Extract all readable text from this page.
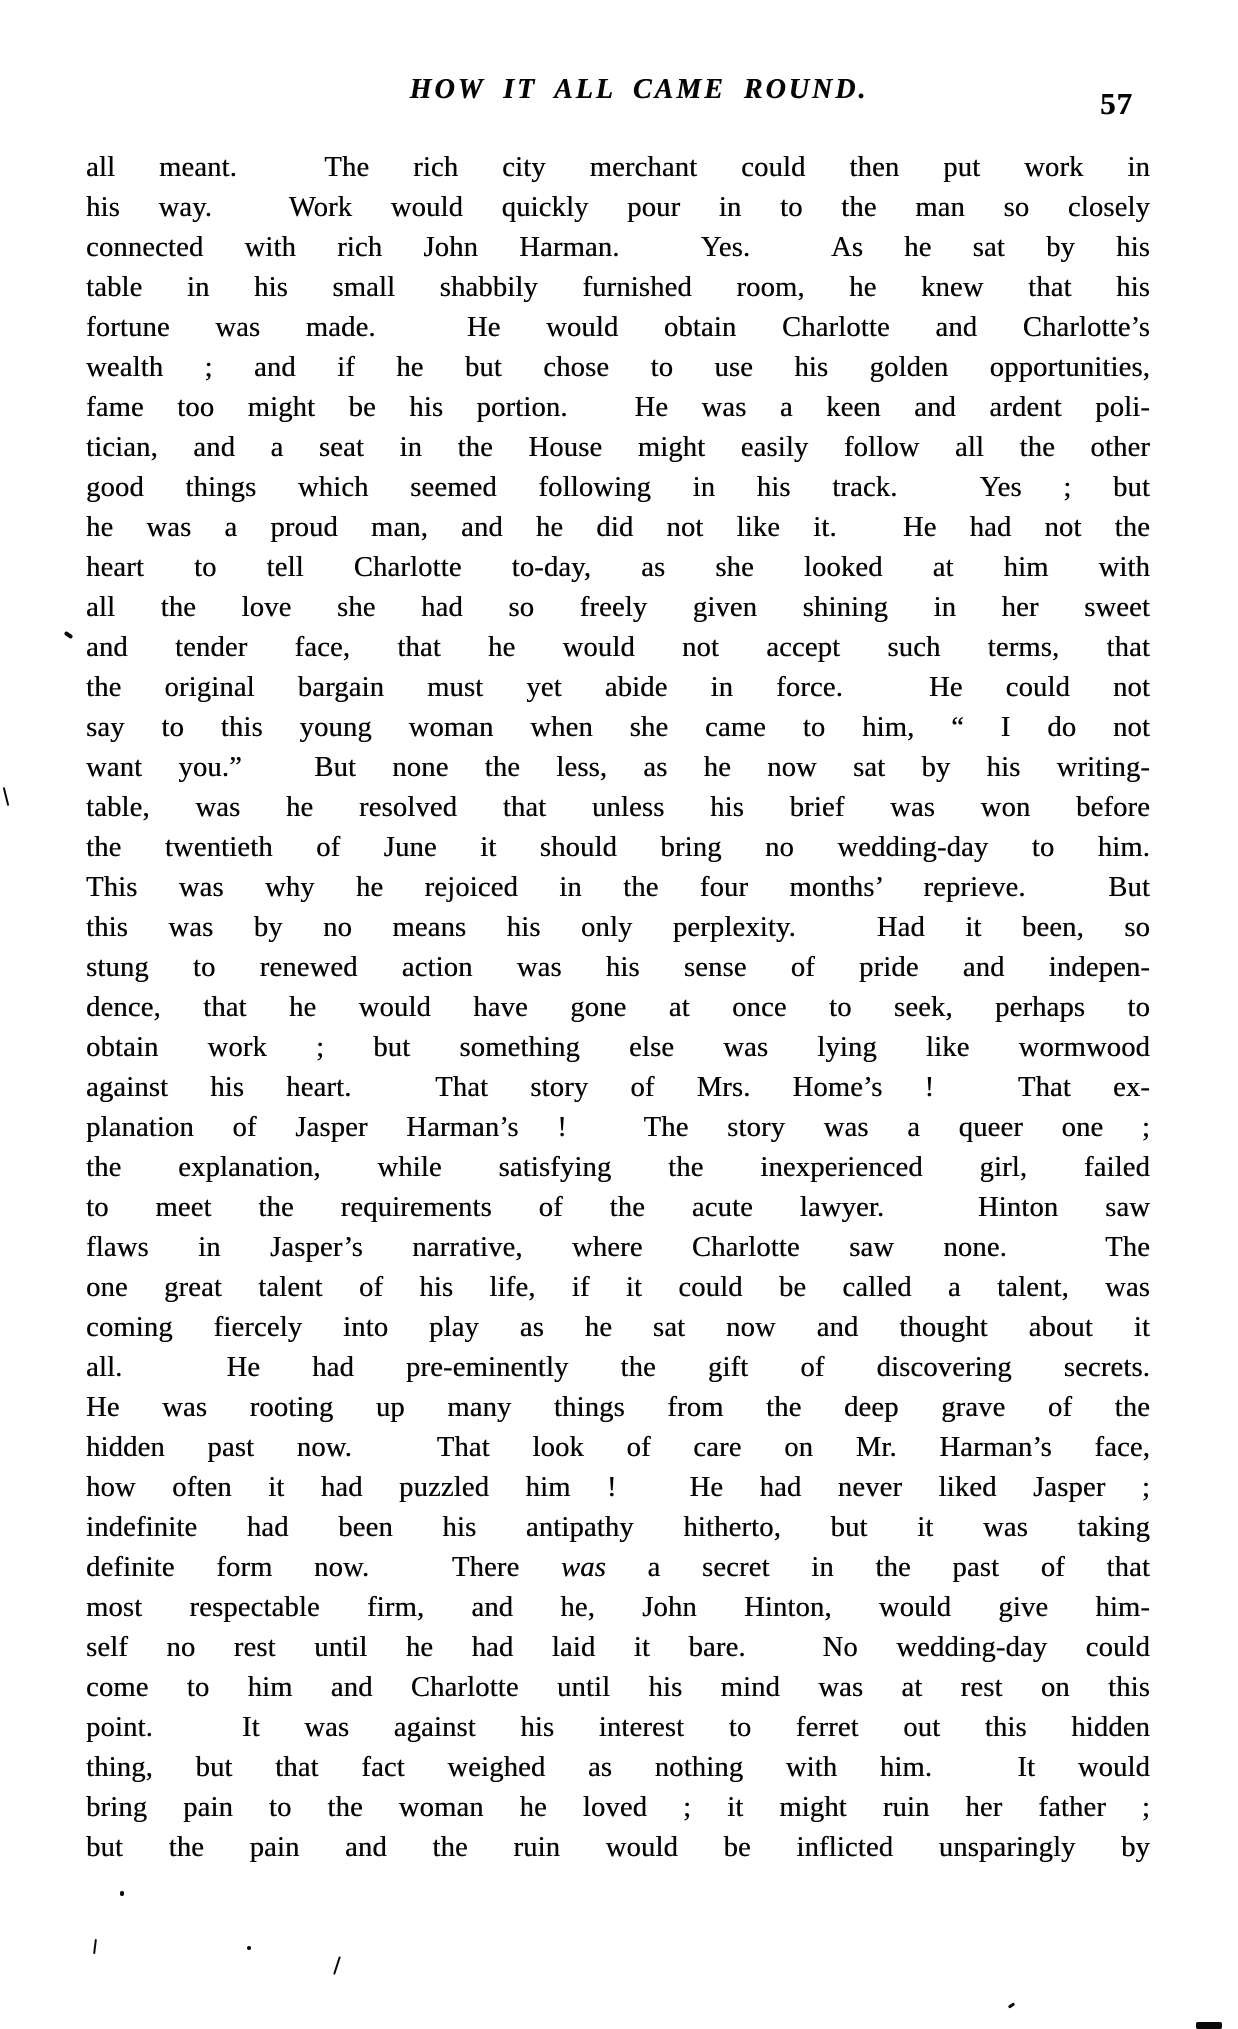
HOW IT ALL CAME ROUND.	57
all meant.  The rich city merchant could then put work in
his way.  Work would quickly pour in to the man so closely
connected with rich John Harman.  Yes.  As he sat by his
table in his small shabbily furnished room, he knew that his
fortune was made.  He would obtain Charlotte and Charlotte’s
wealth ; and if he but chose to use his golden opportunities,
fame too might be his portion.  He was a keen and ardent poli-
tician, and a seat in the House might easily follow all the other
good things which seemed following in his track.  Yes ; but
he was a proud man, and he did not like it.  He had not the
heart to tell Charlotte to-day, as she looked at him with
all the love she had so freely given shining in her sweet
and tender face, that he would not accept such terms, that
the original bargain must yet abide in force.  He could not
say to this young woman when she came to him, “ I do not
want you.”  But none the less, as he now sat by his writing-
table, was he resolved that unless his brief was won before
the twentieth of June it should bring no wedding-day to him.
This was why he rejoiced in the four months’ reprieve.  But
this was by no means his only perplexity.  Had it been, so
stung to renewed action was his sense of pride and indepen-
dence, that he would have gone at once to seek, perhaps to
obtain work ; but something else was lying like wormwood
against his heart.  That story of Mrs. Home’s !  That ex-
planation of Jasper Harman’s !  The story was a queer one ;
the explanation, while satisfying the inexperienced girl, failed
to meet the requirements of the acute lawyer.  Hinton saw
flaws in Jasper’s narrative, where Charlotte saw none.  The
one great talent of his life, if it could be called a talent, was
coming fiercely into play as he sat now and thought about it
all.  He had pre-eminently the gift of discovering secrets.
He was rooting up many things from the deep grave of the
hidden past now.  That look of care on Mr. Harman’s face,
how often it had puzzled him !  He had never liked Jasper ;
indefinite had been his antipathy hitherto, but it was taking
definite form now.  There was a secret in the past of that
most respectable firm, and he, John Hinton, would give him-
self no rest until he had laid it bare.  No wedding-day could
come to him and Charlotte until his mind was at rest on this
point.  It was against his interest to ferret out this hidden
thing, but that fact weighed as nothing with him.  It would
bring pain to the woman he loved ; it might ruin her father ;
but the pain and the ruin would be inflicted unsparingly by
